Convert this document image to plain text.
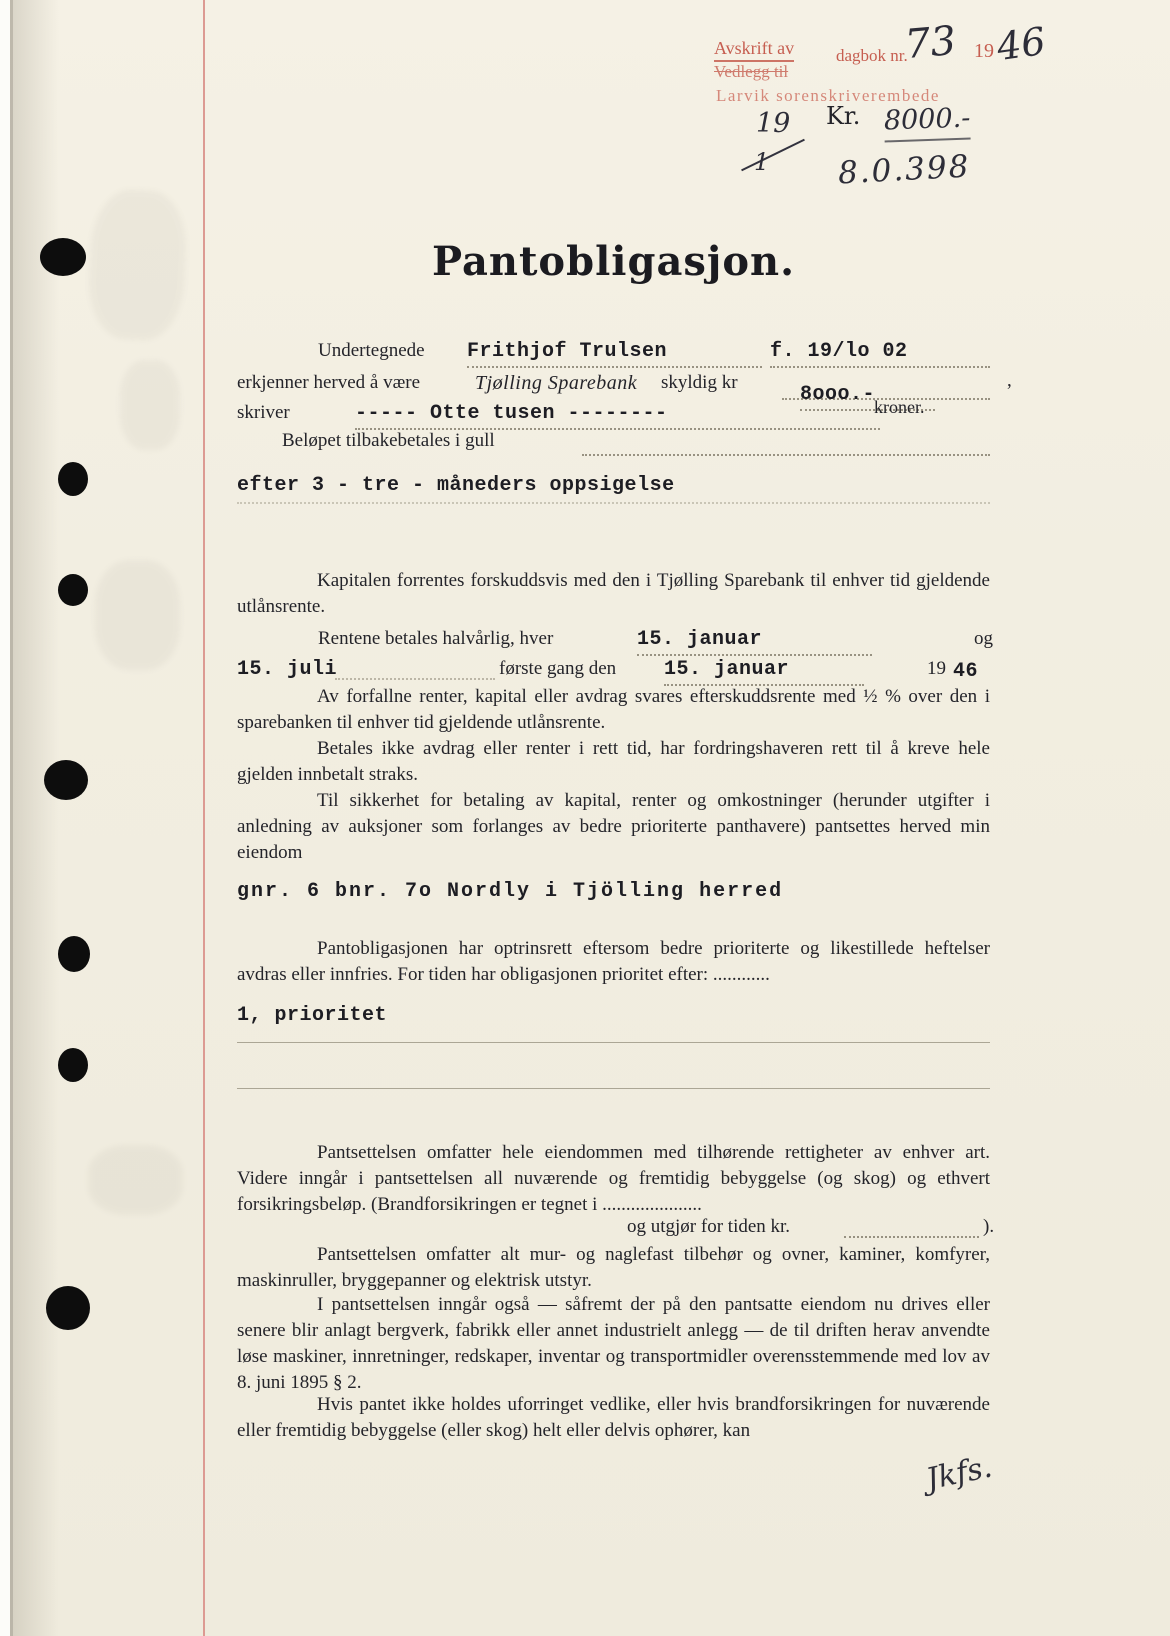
Avskrift av
Vedlegg til
dagbok nr.
73 19 46
Larvik sorenskriverembede
Kr. 8000.-
19
1 8.0.398
Pantobligasjon.
Undertegnede Frithjof Trulsen	f. 19/lo 02
erkjenner herved å være	Tjølling Sparebank skyldig kr	,
8ooo.-
kroner.
skriver	----- Otte tusen --------
Beløpet tilbakebetales i gull
efter 3 - tre - måneders oppsigelse

Kapitalen forrentes forskuddsvis med den i Tjølling Sparebank til enhver tid gjeldende utlånsrente.

Rentene betales halvårlig, hver	15. januar	og
15. juli	første gang den 15. januar	19 46

Av forfallne renter, kapital eller avdrag svares efterskuddsrente med ½ % over den i sparebanken til enhver tid gjeldende utlånsrente.

Betales ikke avdrag eller renter i rett tid, har fordringshaveren rett til å kreve hele gjelden innbetalt straks.

Til sikkerhet for betaling av kapital, renter og omkostninger (herunder utgifter i anledning av auksjoner som forlanges av bedre prioriterte panthavere) pantsettes herved min eiendom

gnr. 6 bnr. 7o Nordly i Tjölling herred

Pantobligasjonen har optrinsrett eftersom bedre prioriterte og likestillede heftelser avdras eller innfries. For tiden har obligasjonen prioritet efter: ............

1, prioritet

Pantsettelsen omfatter hele eiendommen med tilhørende rettigheter av enhver art. Videre inngår i pantsettelsen all nuværende og fremtidig bebyggelse (og skog) og ethvert forsikringsbeløp. (Brandforsikringen er tegnet i .....................

og utgjør for tiden kr.	).

Pantsettelsen omfatter alt mur- og naglefast tilbehør og ovner, kaminer, komfyrer, maskinruller, bryggepanner og elektrisk utstyr.

I pantsettelsen inngår også — såfremt der på den pantsatte eiendom nu drives eller senere blir anlagt bergverk, fabrikk eller annet industrielt anlegg — de til driften herav anvendte løse maskiner, innretninger, redskaper, inventar og transportmidler overensstemmende med lov av 8. juni 1895 § 2.

Hvis pantet ikke holdes uforringet vedlike, eller hvis brandforsikringen for nuværende eller fremtidig bebyggelse (eller skog) helt eller delvis ophører, kan

Jkfs.
